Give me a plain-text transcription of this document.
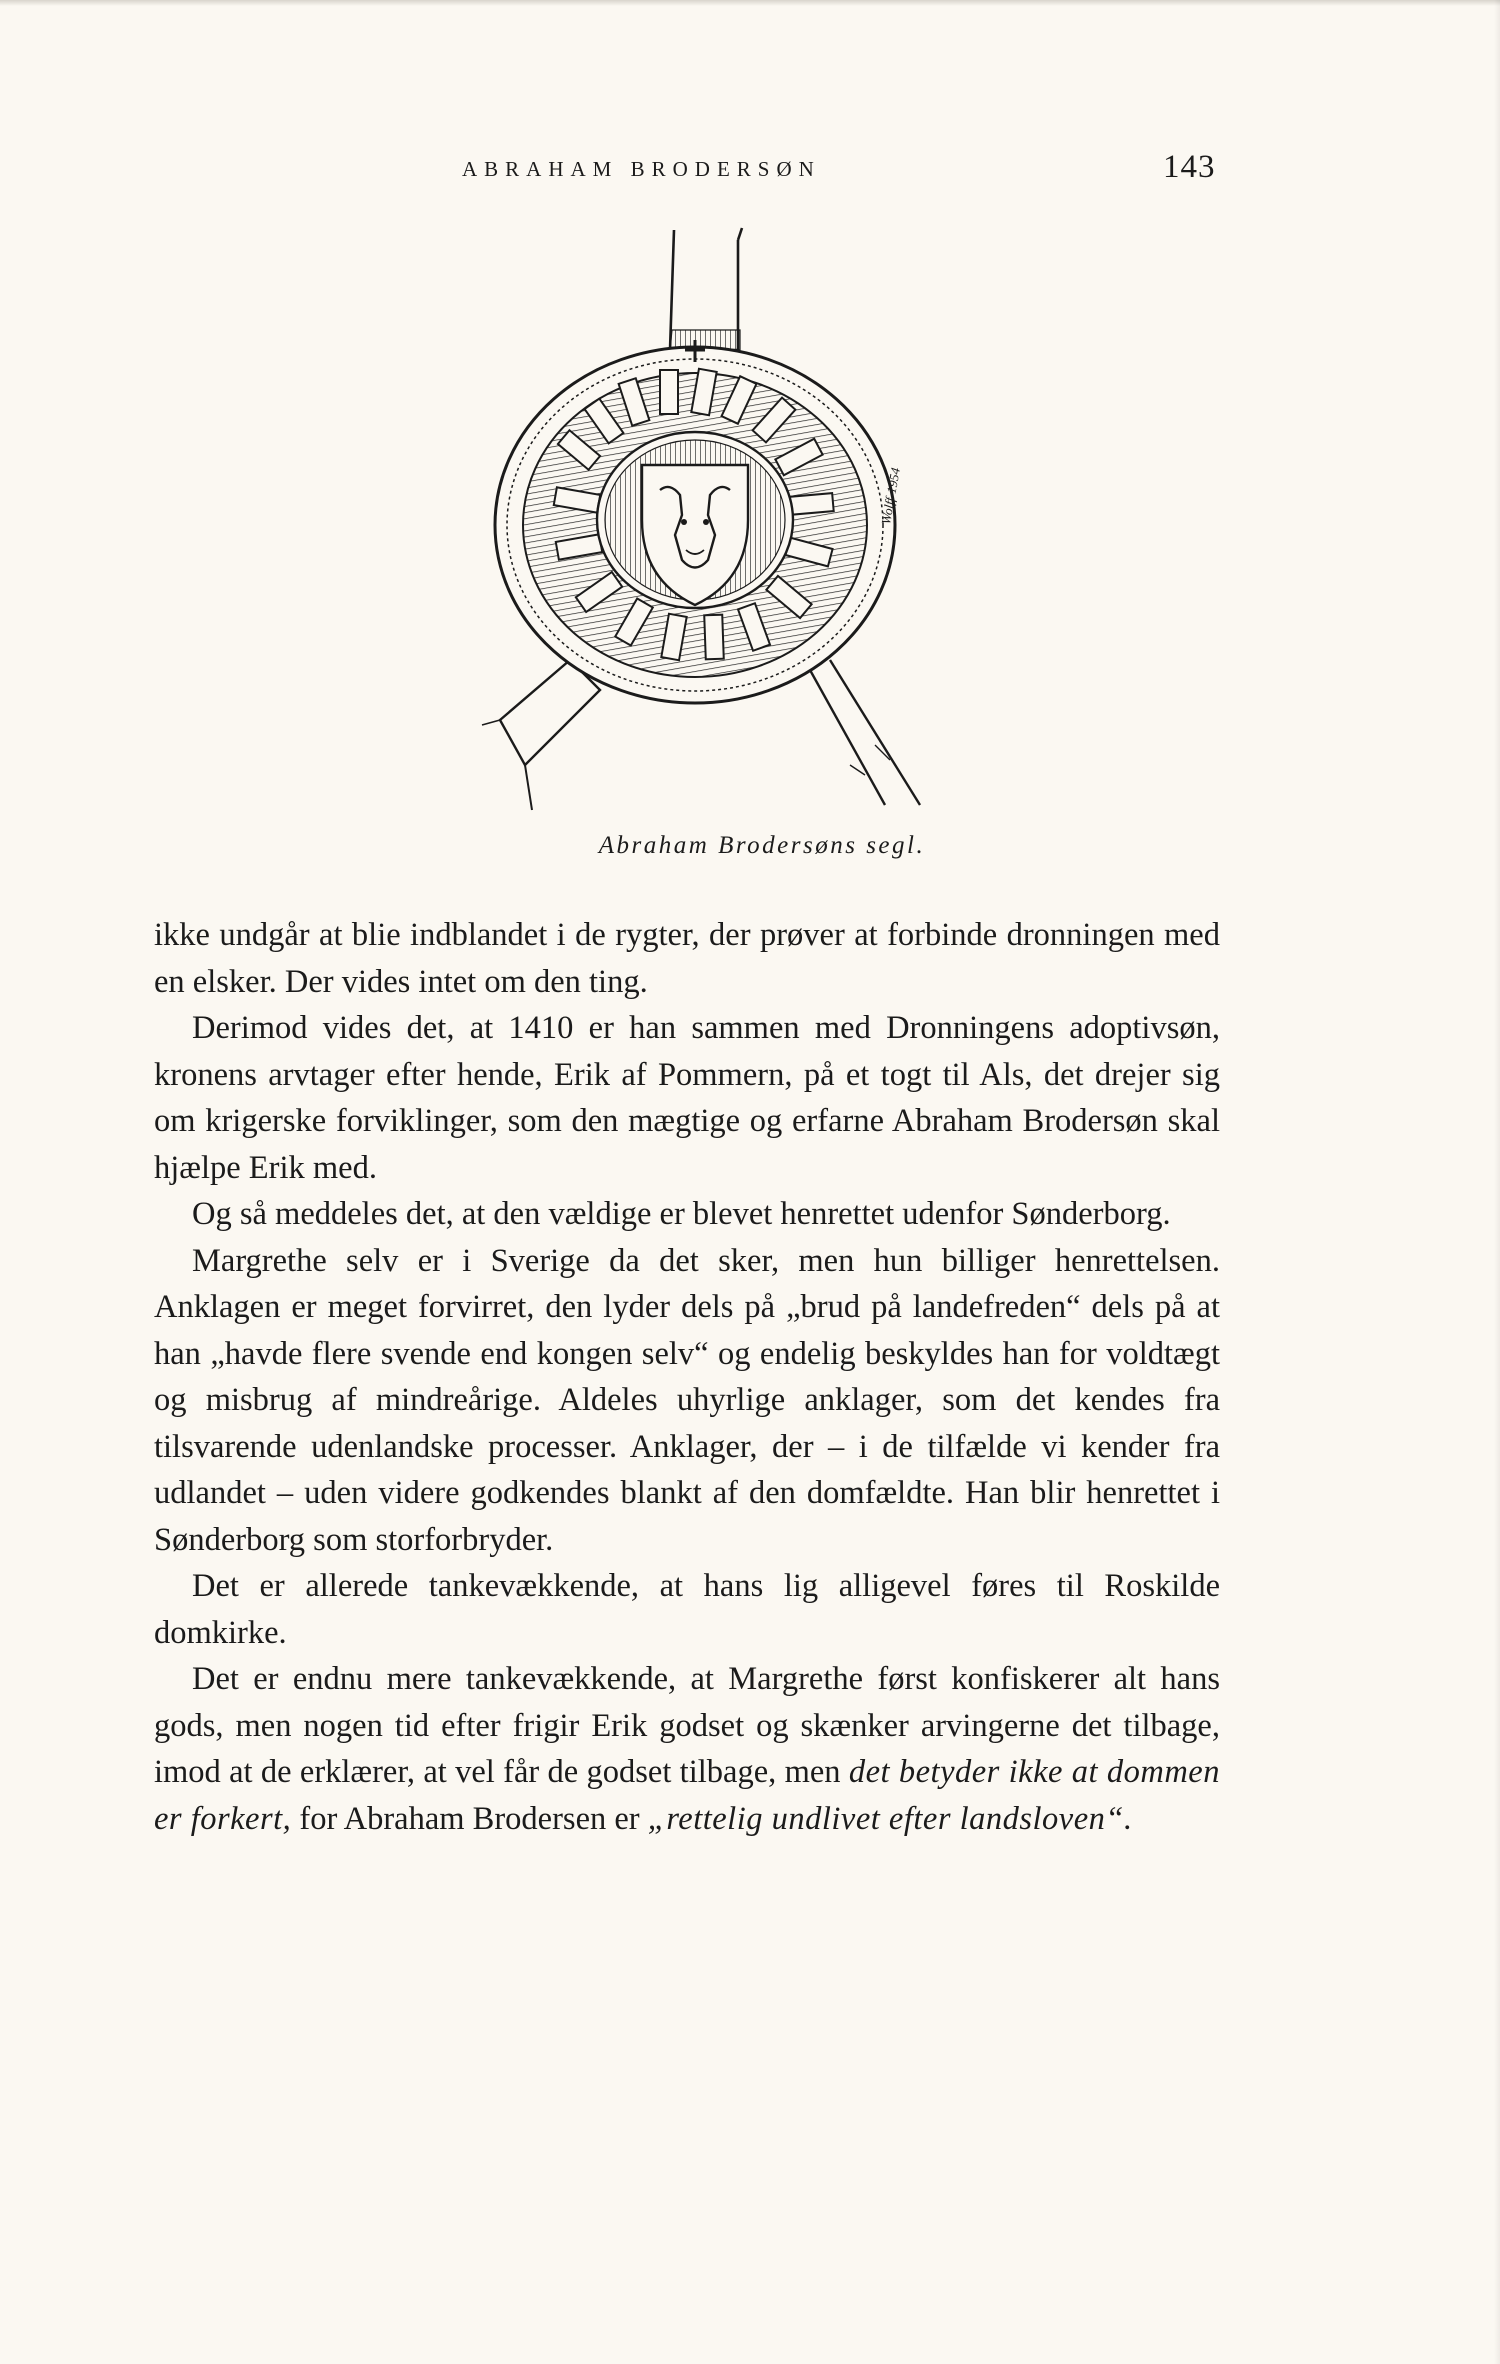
ABRAHAM BRODERSØN	143
Wolff-1954
Abraham Brodersøns segl.

ikke undgår at blie indblandet i de rygter, der prøver at forbinde dronningen med en elsker. Der vides intet om den ting.

Derimod vides det, at 1410 er han sammen med Dronningens adoptivsøn, kronens arvtager efter hende, Erik af Pommern, på et togt til Als, det drejer sig om krigerske forviklinger, som den mægtige og erfarne Abraham Brodersøn skal hjælpe Erik med.

Og så meddeles det, at den vældige er blevet henrettet udenfor Sønderborg.

Margrethe selv er i Sverige da det sker, men hun billiger henrettelsen. Anklagen er meget forvirret, den lyder dels på „brud på landefreden“ dels på at han „havde flere svende end kongen selv“ og endelig beskyldes han for voldtægt og misbrug af mindreårige. Aldeles uhyrlige anklager, som det kendes fra tilsvarende udenlandske processer. Anklager, der – i de tilfælde vi kender fra udlandet – uden videre godkendes blankt af den domfældte. Han blir henrettet i Sønderborg som storforbryder.

Det er allerede tankevækkende, at hans lig alligevel føres til Roskilde domkirke.

Det er endnu mere tankevækkende, at Margrethe først konfiskerer alt hans gods, men nogen tid efter frigir Erik godset og skænker arvingerne det tilbage, imod at de erklærer, at vel får de godset tilbage, men det betyder ikke at dommen er forkert, for Abraham Brodersen er „rettelig undlivet efter landsloven“.
